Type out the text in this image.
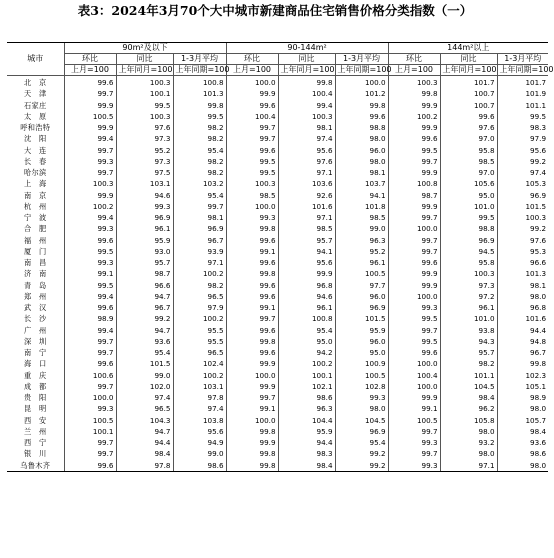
表3：2024年3月70个大中城市新建商品住宅销售价格分类指数（一）
城市	90m²及以下			90-144m²			144m²以上		
	环比	同比	1-3月平均	环比	同比	1-3月平均	环比	同比	1-3月平均
	上月=100	上年同月=100	上年同期=100	上月=100	上年同月=100	上年同期=100	上月=100	上年同月=100	上年同期=100
北　京	99.6	100.3	100.8	100.0	99.8	100.0	100.3	101.7	101.7
天　津	99.7	100.1	101.3	99.9	100.4	101.2	99.8	100.7	101.9
石家庄	99.9	99.5	99.8	99.6	99.4	99.8	99.9	100.7	101.1
太　原	100.5	100.3	99.5	100.4	100.3	99.6	100.2	99.6	99.5
呼和浩特	99.9	97.6	98.2	99.7	98.1	98.8	99.9	97.6	98.3
沈　阳	99.4	97.3	98.2	99.7	97.4	98.0	99.6	97.0	97.9
大　连	99.7	95.2	95.4	99.6	95.6	96.0	99.5	95.8	95.6
长　春	99.3	97.3	98.2	99.5	97.6	98.0	99.7	98.5	99.2
哈尔滨	99.7	97.5	98.2	99.5	97.1	98.1	99.9	97.0	97.4
上　海	100.3	103.1	103.2	100.3	103.6	103.7	100.8	105.6	105.3
南　京	99.9	94.6	95.4	98.5	92.6	94.1	98.7	95.0	96.9
杭　州	100.2	99.3	99.7	100.0	101.6	101.8	99.9	101.0	101.5
宁　波	99.4	96.9	98.1	99.3	97.1	98.5	99.7	99.5	100.3
合　肥	99.3	96.1	96.9	99.8	98.5	99.0	100.0	98.8	99.2
福　州	99.6	95.9	96.7	99.6	95.7	96.3	99.7	96.9	97.6
厦　门	99.5	93.0	93.9	99.1	94.1	95.2	99.7	94.5	95.3
南　昌	99.3	95.7	97.1	99.6	95.6	96.1	99.6	95.8	96.6
济　南	99.1	98.7	100.2	99.8	99.9	100.5	99.9	100.3	101.3
青　岛	99.5	96.6	98.2	99.6	96.8	97.7	99.9	97.3	98.1
郑　州	99.4	94.7	96.5	99.6	94.6	96.0	100.0	97.2	98.0
武　汉	99.6	96.7	97.9	99.1	96.1	96.9	99.3	96.1	96.8
长　沙	98.9	99.2	100.2	99.7	100.8	101.5	99.5	101.0	101.6
广　州	99.4	94.7	95.5	99.6	95.4	95.9	99.7	93.8	94.4
深　圳	99.7	93.6	95.5	99.8	95.0	96.0	99.5	94.3	94.8
南　宁	99.7	95.4	96.5	99.6	94.2	95.0	99.6	95.7	96.7
海　口	99.6	101.5	102.4	99.9	100.2	100.9	100.0	98.2	99.8
重　庆	100.6	99.0	100.2	100.0	100.1	100.5	100.4	101.1	102.3
成　都	99.7	102.0	103.1	99.9	102.1	102.8	100.0	104.5	105.1
贵　阳	100.0	97.4	97.8	99.7	98.6	99.3	99.9	98.4	98.9
昆　明	99.3	96.5	97.4	99.1	96.3	98.0	99.1	96.2	98.0
西　安	100.5	104.3	103.8	100.0	104.4	104.5	100.5	105.8	105.7
兰　州	100.1	94.7	95.6	99.8	95.9	96.9	99.7	98.0	98.4
西　宁	99.7	94.4	94.9	99.9	94.4	95.4	99.3	93.2	93.6
银　川	99.7	98.4	99.0	99.8	98.3	99.2	99.7	98.0	98.6
乌鲁木齐	99.6	97.8	98.6	99.8	98.4	99.2	99.3	97.1	98.0
